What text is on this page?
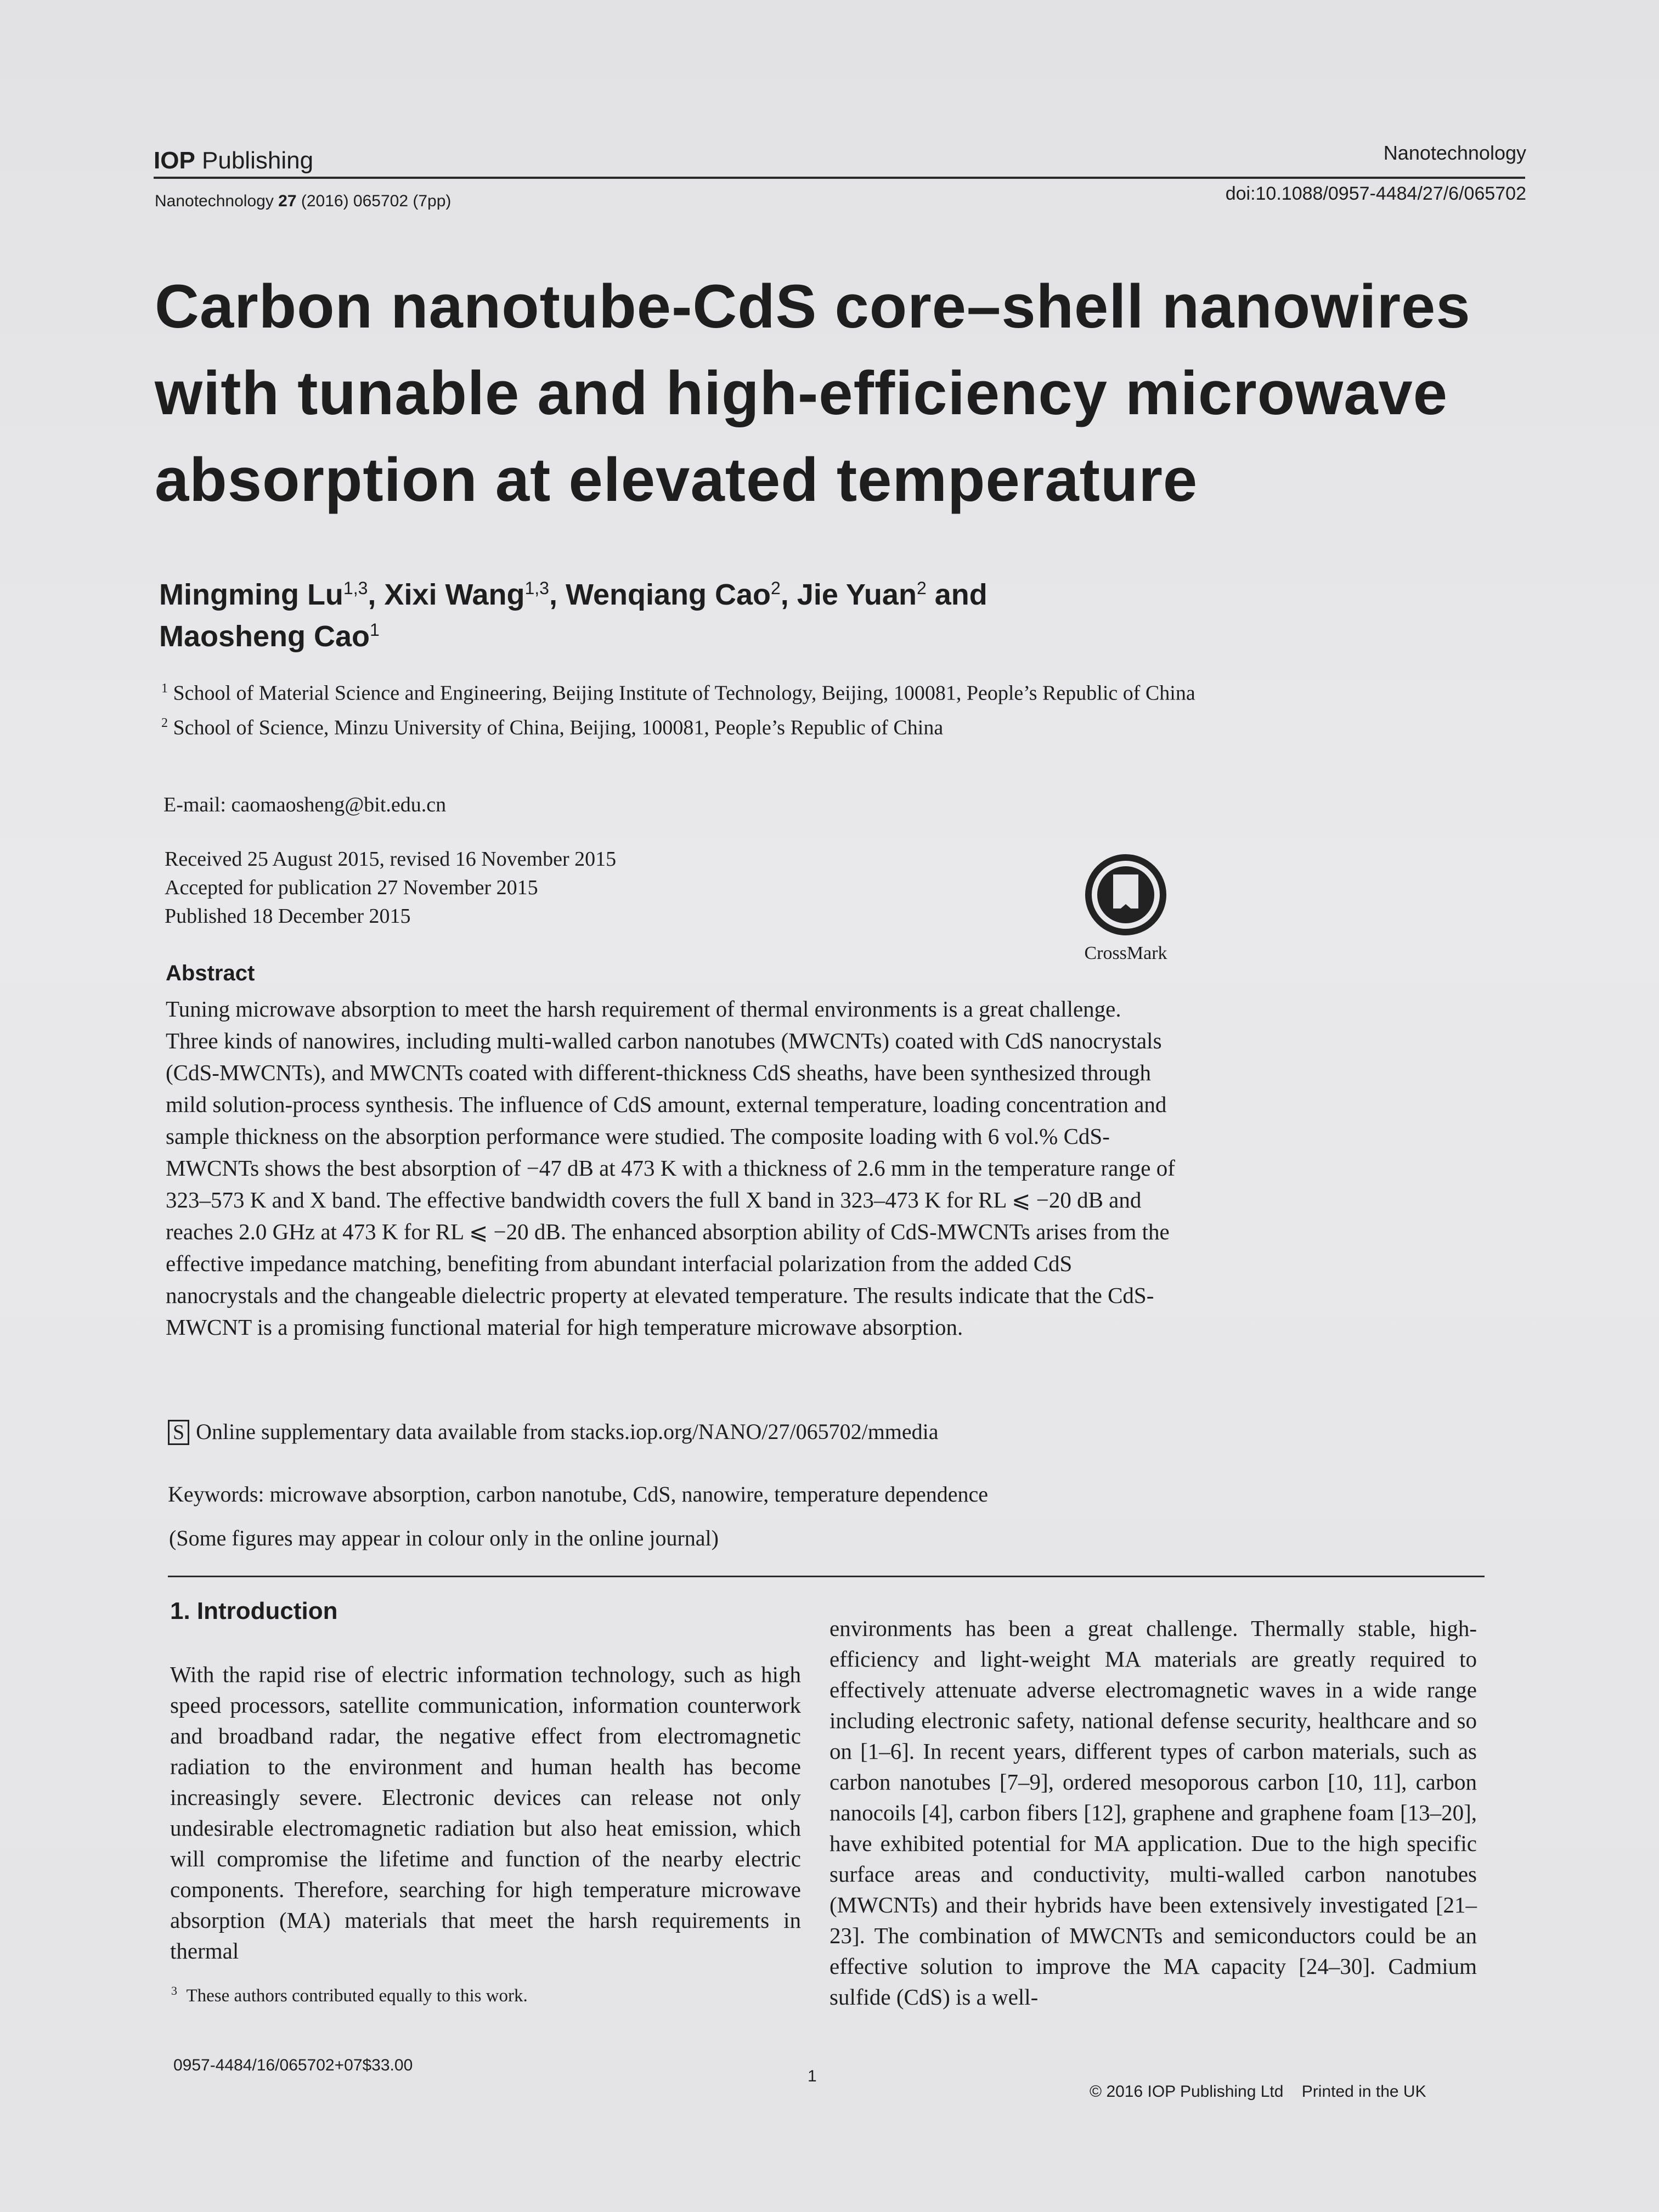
IOP Publishing	Nanotechnology
Nanotechnology 27 (2016) 065702 (7pp)	doi:10.1088/0957-4484/27/6/065702
Carbon nanotube-CdS core–shell nanowires
with tunable and high-efficiency microwave
absorption at elevated temperature
Mingming Lu$^{1,3}$, Xixi Wang$^{1,3}$, Wenqiang Cao$^2$, Jie Yuan$^2$ and
Maosheng Cao$^1$
$^1$ School of Material Science and Engineering, Beijing Institute of Technology, Beijing, 100081, People’s Republic of China
$^2$ School of Science, Minzu University of China, Beijing, 100081, People’s Republic of China
E-mail: caomaosheng@bit.edu.cn
Received 25 August 2015, revised 16 November 2015
Accepted for publication 27 November 2015
Published 18 December 2015
CrossMark
Abstract
Tuning microwave absorption to meet the harsh requirement of thermal environments is a great challenge. Three kinds of nanowires, including multi-walled carbon nanotubes (MWCNTs) coated with CdS nanocrystals (CdS-MWCNTs), and MWCNTs coated with different-thickness CdS sheaths, have been synthesized through mild solution-process synthesis. The influence of CdS amount, external temperature, loading concentration and sample thickness on the absorption performance were studied. The composite loading with 6 vol.% CdS-MWCNTs shows the best absorption of −47 dB at 473 K with a thickness of 2.6 mm in the temperature range of 323–573 K and X band. The effective bandwidth covers the full X band in 323–473 K for RL ⩽ −20 dB and reaches 2.0 GHz at 473 K for RL ⩽ −20 dB. The enhanced absorption ability of CdS-MWCNTs arises from the effective impedance matching, benefiting from abundant interfacial polarization from the added CdS nanocrystals and the changeable dielectric property at elevated temperature. The results indicate that the CdS-MWCNT is a promising functional material for high temperature microwave absorption.
S Online supplementary data available from stacks.iop.org/NANO/27/065702/mmedia
Keywords: microwave absorption, carbon nanotube, CdS, nanowire, temperature dependence
(Some figures may appear in colour only in the online journal)
1. Introduction
With the rapid rise of electric information technology, such as high speed processors, satellite communication, information counterwork and broadband radar, the negative effect from electromagnetic radiation to the environment and human health has become increasingly severe. Electronic devices can release not only undesirable electromagnetic radiation but also heat emission, which will compromise the lifetime and function of the nearby electric components. Therefore, searching for high temperature microwave absorption (MA) materials that meet the harsh requirements in thermal
environments has been a great challenge. Thermally stable, high-efficiency and light-weight MA materials are greatly required to effectively attenuate adverse electromagnetic waves in a wide range including electronic safety, national defense security, healthcare and so on [1–6]. In recent years, different types of carbon materials, such as carbon nanotubes [7–9], ordered mesoporous carbon [10, 11], carbon nanocoils [4], carbon fibers [12], graphene and graphene foam [13–20], have exhibited potential for MA application. Due to the high specific surface areas and conductivity, multi-walled carbon nanotubes (MWCNTs) and their hybrids have been extensively investigated [21–23]. The combination of MWCNTs and semiconductors could be an effective solution to improve the MA capacity [24–30]. Cadmium sulfide (CdS) is a well-
$^3$ These authors contributed equally to this work.
0957-4484/16/065702+07$33.00
1
© 2016 IOP Publishing Ltd Printed in the UK
